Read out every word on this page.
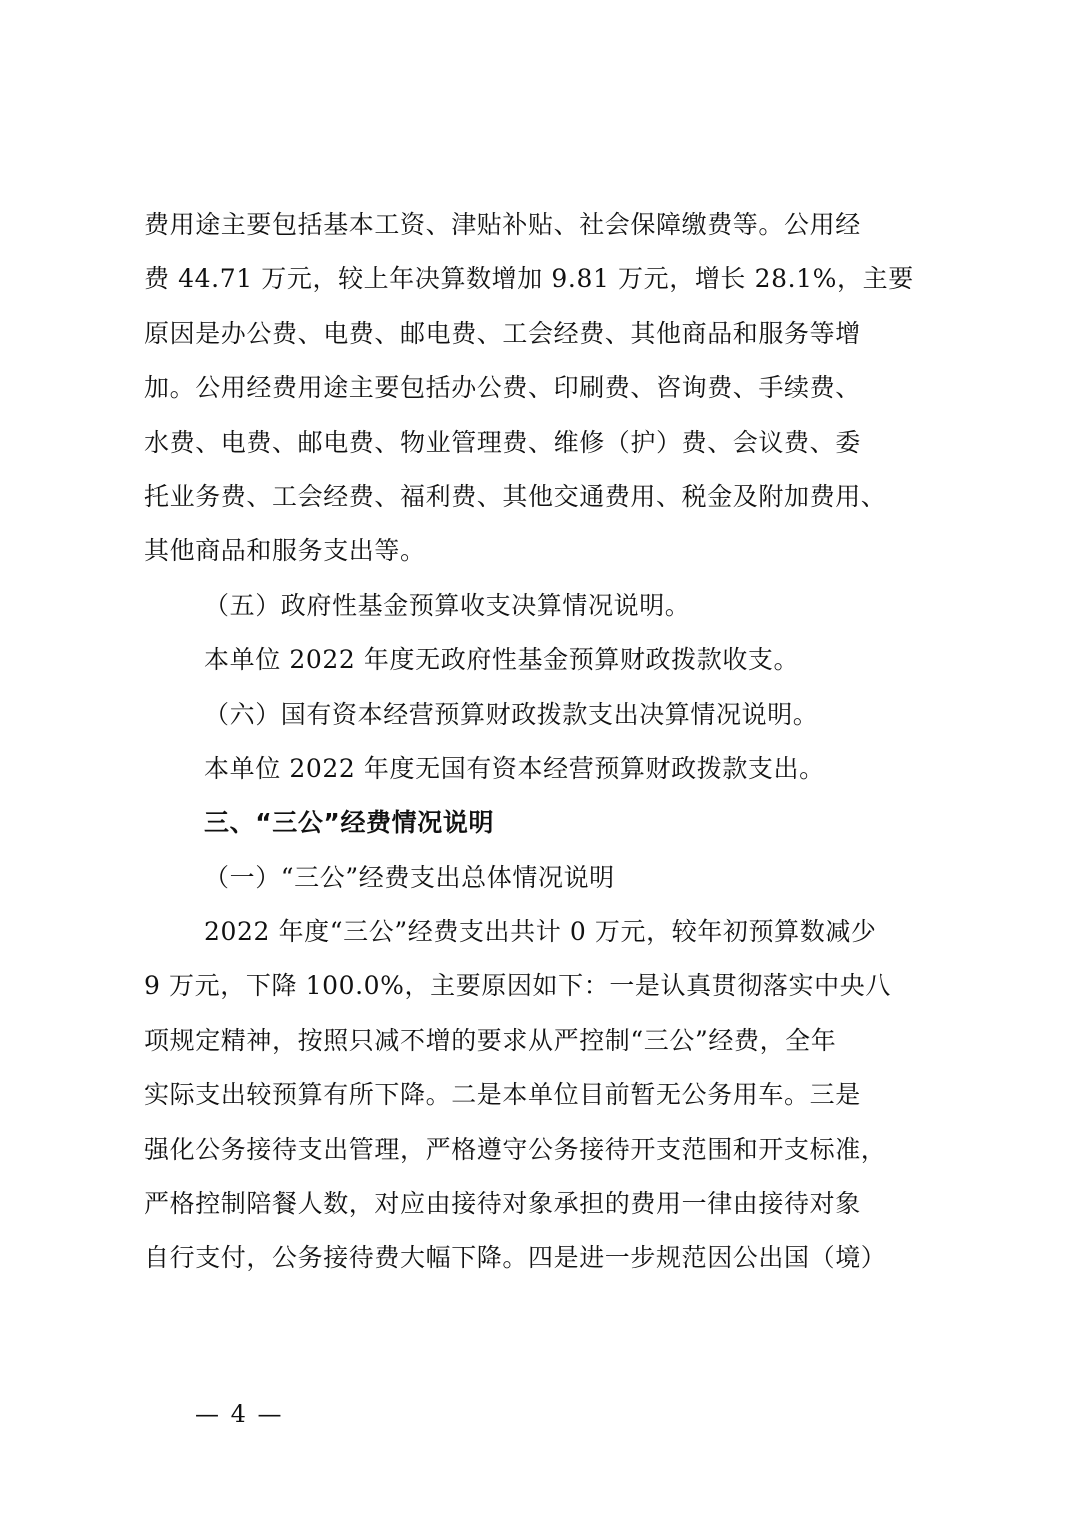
费用途主要包括基本工资、津贴补贴、社会保障缴费等。公用经
费 44.71 万元，较上年决算数增加 9.81 万元，增长 28.1%，主要
原因是办公费、电费、邮电费、工会经费、其他商品和服务等增
加。公用经费用途主要包括办公费、印刷费、咨询费、手续费、
水费、电费、邮电费、物业管理费、维修（护）费、会议费、委
托业务费、工会经费、福利费、其他交通费用、税金及附加费用、
其他商品和服务支出等。
（五）政府性基金预算收支决算情况说明。
本单位 2022 年度无政府性基金预算财政拨款收支。
（六）国有资本经营预算财政拨款支出决算情况说明。
本单位 2022 年度无国有资本经营预算财政拨款支出。
三、“三公”经费情况说明
（一）“三公”经费支出总体情况说明
2022 年度“三公”经费支出共计 0 万元，较年初预算数减少
9 万元，下降 100.0%，主要原因如下：一是认真贯彻落实中央八
项规定精神，按照只减不增的要求从严控制“三公”经费，全年
实际支出较预算有所下降。二是本单位目前暂无公务用车。三是
强化公务接待支出管理，严格遵守公务接待开支范围和开支标准，
严格控制陪餐人数，对应由接待对象承担的费用一律由接待对象
自行支付，公务接待费大幅下降。四是进一步规范因公出国（境）
— 4 —
